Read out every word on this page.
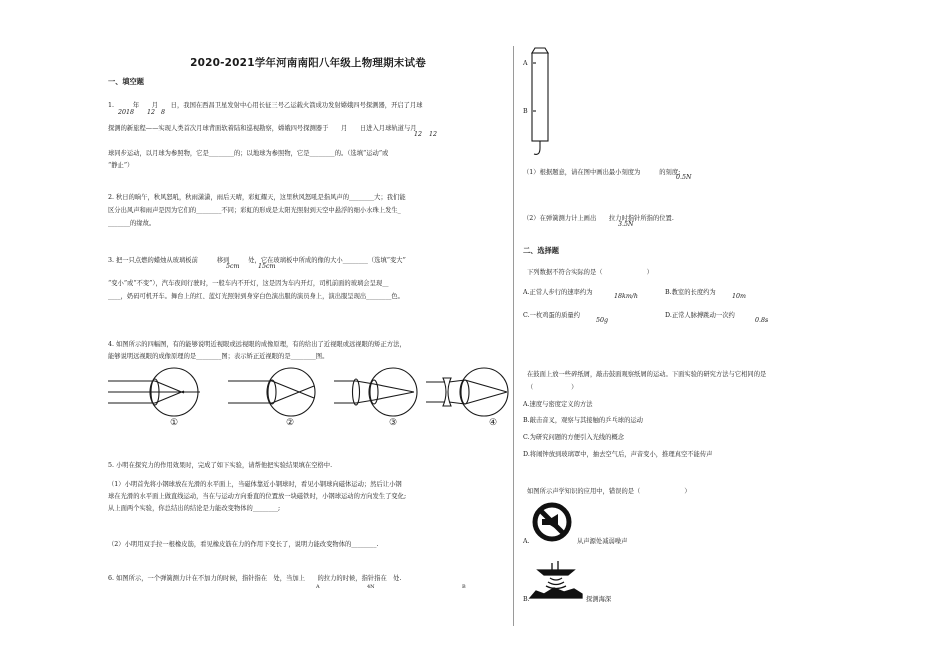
2020-2021学年河南南阳八年级上物理期末试卷
一、填空题
1.　　　年　　月　　日，我国在西昌卫星发射中心用长征三号乙运载火箭成功发射嫦娥四号探测器，开启了月球
2018 12 8
探测的新旅程——实现人类首次月球背面软着陆和巡视勘察，嫦娥四号探测器于　　月　　日进入月球轨道与月
12 12
球同步运动，以月球为参照物，它是________的；以地球为参照物，它是________的。（选填“运动”或
“静止”）
2. 秋日的晌午，秋风怒吼，秋雨潇潇，雨后天晴，彩虹耀天，这里秋风怒吼是指风声的________大；我们能
区分出风声和雨声是因为它们的________不同；彩虹的形成是太阳光照射到天空中悬浮的细小水珠上发生_
_______的缘故。
3. 把一只点燃的蜡烛从玻璃板前　　　移到　　　处，它在玻璃板中所成的像的大小________（选填“变大”
5cm	15cm
“变小”或“不变”），汽车夜间行驶时，一般车内不开灯，这是因为车内开灯，司机前面的玻璃会呈现__
____，奶码可机开车。舞台上的红、蓝灯光照射到身穿白色演出服的演员身上，演出服呈现出________色。
4. 如图所示的四幅图，有的能够说明近视眼或远视眼的成像原理，有的给出了近视眼或远视眼的矫正方法，
能够说明远视眼的成像原理的是________图；表示矫正近视眼的是________图。
①	②	③	④
5. 小明在探究力的作用效果时，完成了如下实验，请帮他把实验结果填在空格中.
（1）小明首先将小钢球放在光滑的水平面上，当磁体靠近小钢球时，看见小钢球向磁体运动；然后让小钢
球在光滑的水平面上做直线运动，当在与运动方向垂直的位置放一块磁铁时，小钢球运动的方向发生了变化;
从上面两个实验，你总结出的结论是力能改变物体的________;
（2）小明用双手拉一根橡皮筋，看见橡皮筋在力的作用下变长了，说明力能改变物体的________.
6. 如图所示，一个弹簧测力计在不加力的时候，指针指在　处，当加上　　的拉力的时候，指针指在　处.
A	4N	B
A
B
（1）根据题意，请在图中画出最小刻度为　　　的刻度;
0.5N
（2）在弹簧测力计上画出　　拉力时指针所指的位置.
3.5N
二、选择题
下列数据不符合实际的是（　　　　　　　）
A.正常人步行的速率约为
18km/h
B.教室的长度约为
10m
C.一枚鸡蛋的质量约
50g
D.正常人脉搏跳动一次约
0.8s
在鼓面上放一些碎纸屑，敲击鼓面观察纸屑的运动。下面实验的研究方法与它相同的是
（　　　　　　）
A.速度与密度定义的方法
B.敲击音叉，观察与其接触的乒乓球的运动
C.为研究问题的方便引入光线的概念
D.将闹钟放到玻璃罩中，抽去空气后，声音变小，推理真空不能传声
如图所示声学知识的应用中，错误的是（　　　　　　　）
A.	从声源处减弱噪声
B.	探测海深
